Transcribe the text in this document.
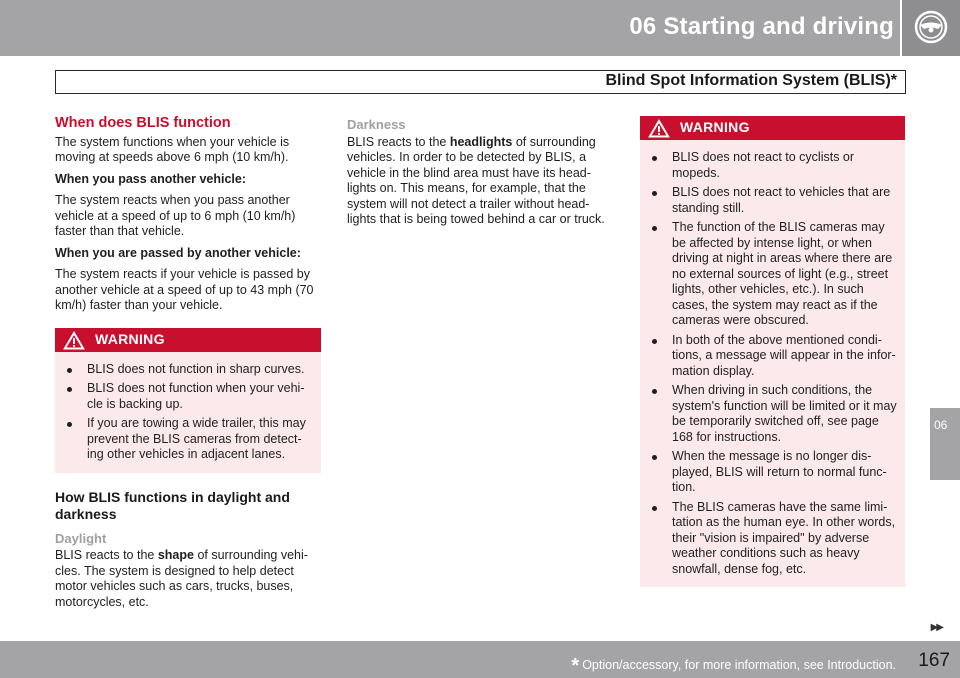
06 Starting and driving
Blind Spot Information System (BLIS)*
06
When does BLIS function

The system functions when your vehicle is moving at speeds above 6 mph (10 km/h).

When you pass another vehicle:

The system reacts when you pass another vehicle at a speed of up to 6 mph (10 km/h) faster than that vehicle.

When you are passed by another vehicle:

The system reacts if your vehicle is passed by another vehicle at a speed of up to 43 mph (70 km/h) faster than your vehicle.

WARNING
BLIS does not function in sharp curves.
BLIS does not function when your vehi-cle is backing up.
If you are towing a wide trailer, this may prevent the BLIS cameras from detect-ing other vehicles in adjacent lanes.
How BLIS functions in daylight and darkness
Daylight

BLIS reacts to the shape of surrounding vehi-cles. The system is designed to help detect motor vehicles such as cars, trucks, buses, motorcycles, etc.

Darkness

BLIS reacts to the headlights of surrounding vehicles. In order to be detected by BLIS, a vehicle in the blind area must have its head-lights on. This means, for example, that the system will not detect a trailer without head-lights that is being towed behind a car or truck.

WARNING
BLIS does not react to cyclists or mopeds.
BLIS does not react to vehicles that are standing still.
The function of the BLIS cameras may be affected by intense light, or when driving at night in areas where there are no external sources of light (e.g., street lights, other vehicles, etc.). In such cases, the system may react as if the cameras were obscured.
In both of the above mentioned condi-tions, a message will appear in the infor-mation display.
When driving in such conditions, the system's function will be limited or it may be temporarily switched off, see page 168 for instructions.
When the message is no longer dis-played, BLIS will return to normal func-tion.
The BLIS cameras have the same limi-tation as the human eye. In other words, their "vision is impaired" by adverse weather conditions such as heavy snowfall, dense fog, etc.
▶▶
* Option/accessory, for more information, see Introduction. 167
